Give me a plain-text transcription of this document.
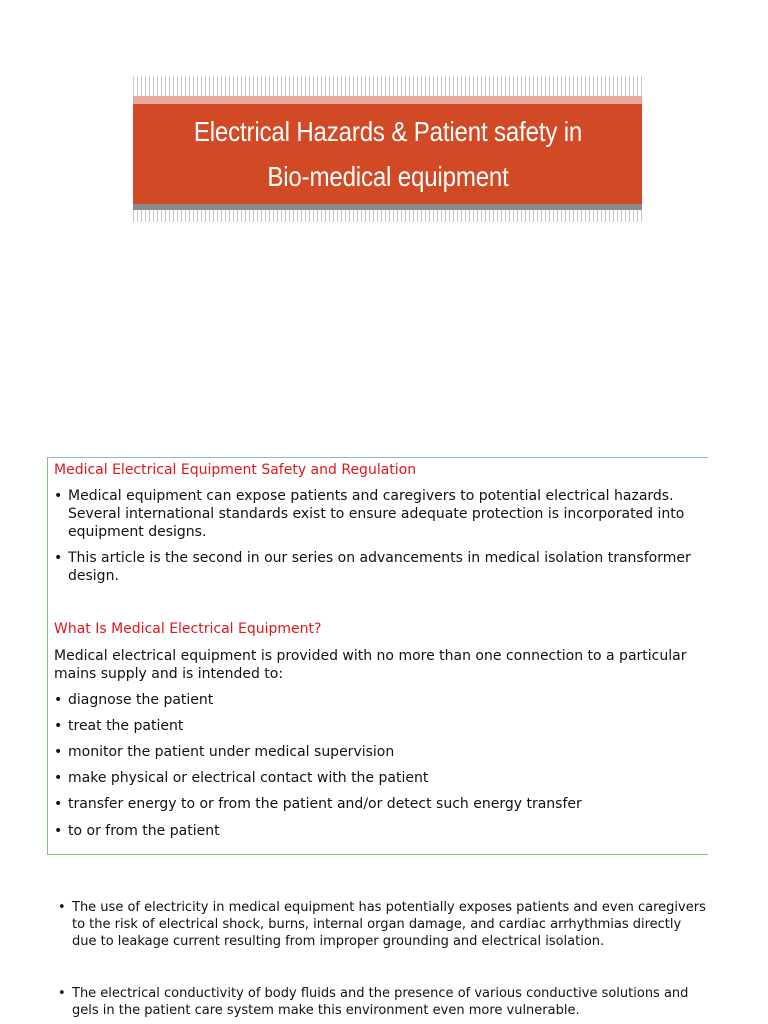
Electrical Hazards & Patient safety in Bio-medical equipment
Medical Electrical Equipment Safety and Regulation
• Medical equipment can expose patients and caregivers to potential electrical hazards. Several international standards exist to ensure adequate protection is incorporated into equipment designs.
• This article is the second in our series on advancements in medical isolation transformer design.
What Is Medical Electrical Equipment?
Medical electrical equipment is provided with no more than one connection to a particular mains supply and is intended to:
• diagnose the patient
• treat the patient
• monitor the patient under medical supervision
• make physical or electrical contact with the patient
• transfer energy to or from the patient and/or detect such energy transfer
• to or from the patient
• The use of electricity in medical equipment has potentially exposes patients and even caregivers to the risk of electrical shock, burns, internal organ damage, and cardiac arrhythmias directly due to leakage current resulting from improper grounding and electrical isolation.
• The electrical conductivity of body fluids and the presence of various conductive solutions and gels in the patient care system make this environment even more vulnerable.
